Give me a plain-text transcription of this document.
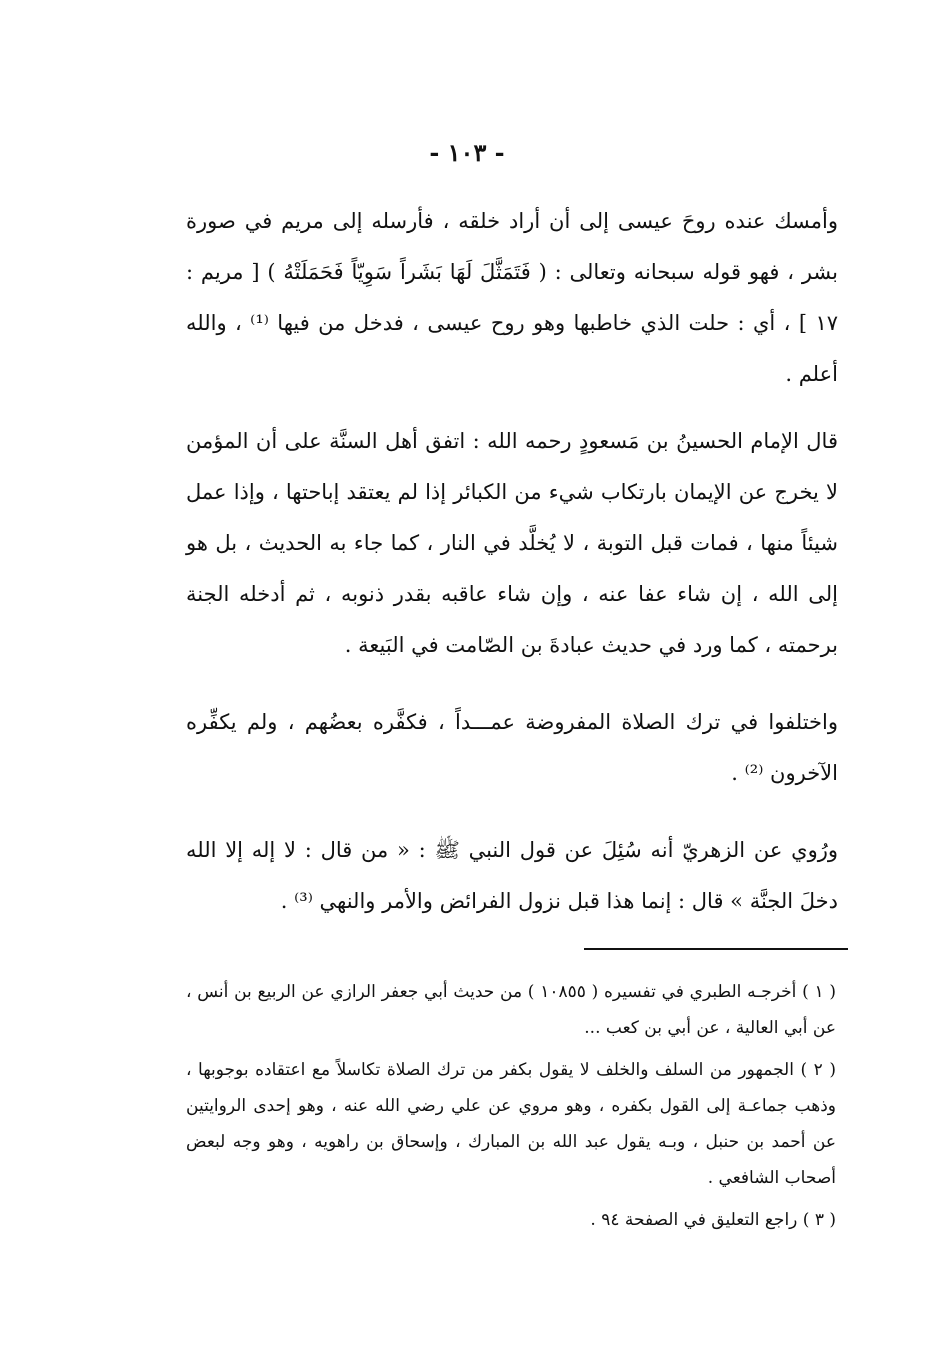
- ١٠٣ -

وأمسك عنده روحَ عيسى إلى أن أراد خلقه ، فأرسله إلى مريم في صورة بشر ، فهو قوله سبحانه وتعالى : ( فَتَمَثَّلَ لَهَا بَشَراً سَوِيّاً فَحَمَلَتْهُ ) [ مريم : ١٧ ] ، أي : حلت الذي خاطبها وهو روح عيسى ، فدخل من فيها ⁽¹⁾ ، والله أعلم .

قال الإمام الحسينُ بن مَسعودٍ رحمه الله : اتفق أهل السنَّة على أن المؤمن لا يخرج عن الإيمان بارتكاب شيء من الكبائر إذا لم يعتقد إباحتها ، وإذا عمل شيئاً منها ، فمات قبل التوبة ، لا يُخلَّد في النار ، كما جاء به الحديث ، بل هو إلى الله ، إن شاء عفا عنه ، وإن شاء عاقبه بقدر ذنوبه ، ثم أدخله الجنة برحمته ، كما ورد في حديث عبادةَ بن الصّامت في البَيعة .

واختلفوا في ترك الصلاة المفروضة عمـــداً ، فكفَّره بعضُهم ، ولم يكفِّره الآخرون ⁽²⁾ .

ورُوي عن الزهريّ أنه سُئِلَ عن قول النبي ﷺ : « من قال : لا إله إلا الله دخلَ الجنَّة » قال : إنما هذا قبل نزول الفرائض والأمر والنهي ⁽³⁾ .

( ١ ) أخرجـه الطبري في تفسيره ( ١٠٨٥٥ ) من حديث أبي جعفر الرازي عن الربيع بن أنس ، عن أبي العالية ، عن أبي بن كعب ...

( ٢ ) الجمهور من السلف والخلف لا يقول بكفر من ترك الصلاة تكاسلاً مع اعتقاده بوجوبها ، وذهب جماعـة إلى القول بكفره ، وهو مروي عن علي رضي الله عنه ، وهو إحدى الروايتين عن أحمد بن حنبل ، وبـه يقول عبد الله بن المبارك ، وإسحاق بن راهويه ، وهو وجه لبعض أصحاب الشافعي .

( ٣ ) راجع التعليق في الصفحة ٩٤ .
